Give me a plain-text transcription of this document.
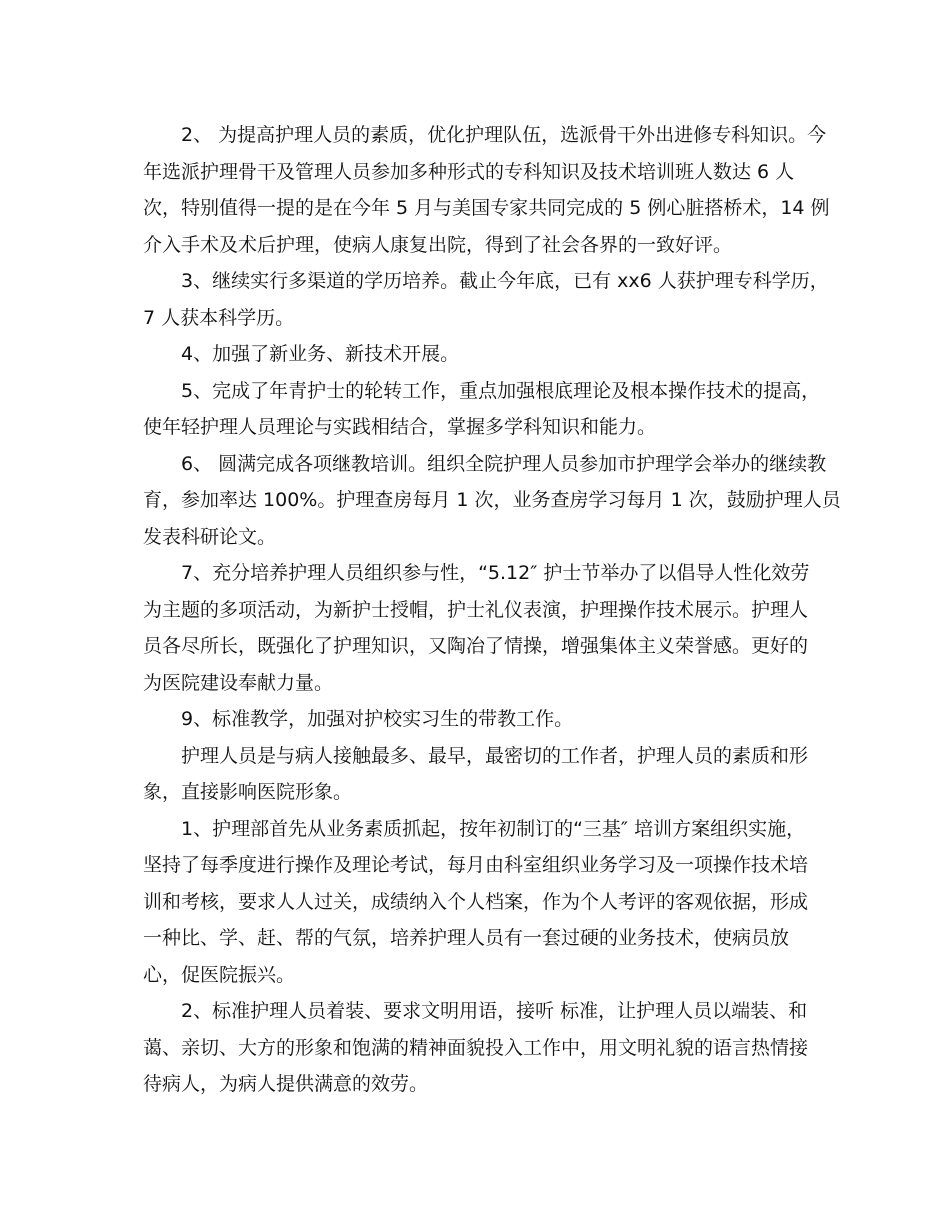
2、 为提高护理人员的素质，优化护理队伍，选派骨干外出进修专科知识。今
年选派护理骨干及管理人员参加多种形式的专科知识及技术培训班人数达 6 人
次，特别值得一提的是在今年 5 月与美国专家共同完成的 5 例心脏搭桥术，14 例
介入手术及术后护理，使病人康复出院，得到了社会各界的一致好评。
3、继续实行多渠道的学历培养。截止今年底，已有 xx6 人获护理专科学历，
7 人获本科学历。
4、加强了新业务、新技术开展。
5、完成了年青护士的轮转工作，重点加强根底理论及根本操作技术的提高，
使年轻护理人员理论与实践相结合，掌握多学科知识和能力。
6、 圆满完成各项继教培训。组织全院护理人员参加市护理学会举办的继续教
育，参加率达 100%。护理查房每月 1 次，业务查房学习每月 1 次，鼓励护理人员
发表科研论文。
7、充分培养护理人员组织参与性，“5.12″ 护士节举办了以倡导人性化效劳
为主题的多项活动，为新护士授帽，护士礼仪表演，护理操作技术展示。护理人
员各尽所长，既强化了护理知识，又陶冶了情操，增强集体主义荣誉感。更好的
为医院建设奉献力量。
9、标准教学，加强对护校实习生的带教工作。
护理人员是与病人接触最多、最早，最密切的工作者，护理人员的素质和形
象，直接影响医院形象。
1、护理部首先从业务素质抓起，按年初制订的“三基″ 培训方案组织实施，
坚持了每季度进行操作及理论考试，每月由科室组织业务学习及一项操作技术培
训和考核，要求人人过关，成绩纳入个人档案，作为个人考评的客观依据，形成
一种比、学、赶、帮的气氛，培养护理人员有一套过硬的业务技术，使病员放
心，促医院振兴。
2、标准护理人员着装、要求文明用语，接听 标准，让护理人员以端装、和
蔼、亲切、大方的形象和饱满的精神面貌投入工作中，用文明礼貌的语言热情接
待病人，为病人提供满意的效劳。
